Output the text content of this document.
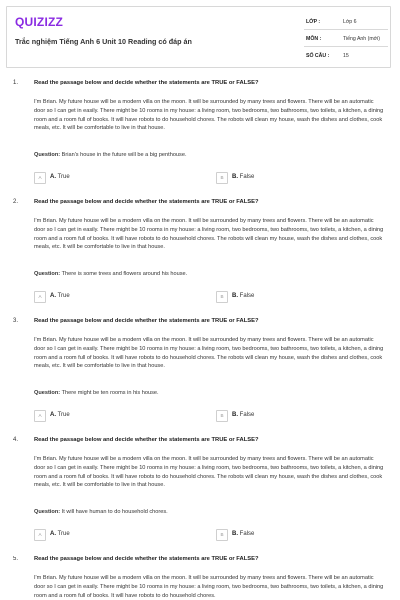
QUIZIZZ
Trắc nghiệm Tiếng Anh 6 Unit 10 Reading có đáp án
LỚP :	Lớp 6
MÔN :	Tiếng Anh (mới)
SỐ CÂU :	15
1.	Read the passage below and decide whether the statements are TRUE or FALSE?
I'm Brian. My future house will be a modern villa on the moon. It will be surrounded by many trees and flowers. There will be an automatic door so I can get in easily. There might be 10 rooms in my house: a living room, two bedrooms, two bathrooms, two toilets, a kitchen, a dining room and a room full of books. It will have robots to do household chores. The robots will clean my house, wash the dishes and clothes, cook meals, etc. It will be comfortable to live in that house.
Question: Brian's house in the future will be a big penthouse.
A	A. True	B	B. False
2.	Read the passage below and decide whether the statements are TRUE or FALSE?
I'm Brian. My future house will be a modern villa on the moon. It will be surrounded by many trees and flowers. There will be an automatic door so I can get in easily. There might be 10 rooms in my house: a living room, two bedrooms, two bathrooms, two toilets, a kitchen, a dining room and a room full of books. It will have robots to do household chores. The robots will clean my house, wash the dishes and clothes, cook meals, etc. It will be comfortable to live in that house.
Question: There is some trees and flowers around his house.
A	A. True	B	B. False
3.	Read the passage below and decide whether the statements are TRUE or FALSE?
I'm Brian. My future house will be a modern villa on the moon. It will be surrounded by many trees and flowers. There will be an automatic door so I can get in easily. There might be 10 rooms in my house: a living room, two bedrooms, two bathrooms, two toilets, a kitchen, a dining room and a room full of books. It will have robots to do household chores. The robots will clean my house, wash the dishes and clothes, cook meals, etc. It will be comfortable to live in that house.
Question: There might be ten rooms in his house.
A	A. True	B	B. False
4.	Read the passage below and decide whether the statements are TRUE or FALSE?
I'm Brian. My future house will be a modern villa on the moon. It will be surrounded by many trees and flowers. There will be an automatic door so I can get in easily. There might be 10 rooms in my house: a living room, two bedrooms, two bathrooms, two toilets, a kitchen, a dining room and a room full of books. It will have robots to do household chores. The robots will clean my house, wash the dishes and clothes, cook meals, etc. It will be comfortable to live in that house.
Question: It will have human to do household chores.
A	A. True	B	B. False
5.	Read the passage below and decide whether the statements are TRUE or FALSE?
I'm Brian. My future house will be a modern villa on the moon. It will be surrounded by many trees and flowers. There will be an automatic door so I can get in easily. There might be 10 rooms in my house: a living room, two bedrooms, two bathrooms, two toilets, a kitchen, a dining room and a room full of books. It will have robots to do household chores.
